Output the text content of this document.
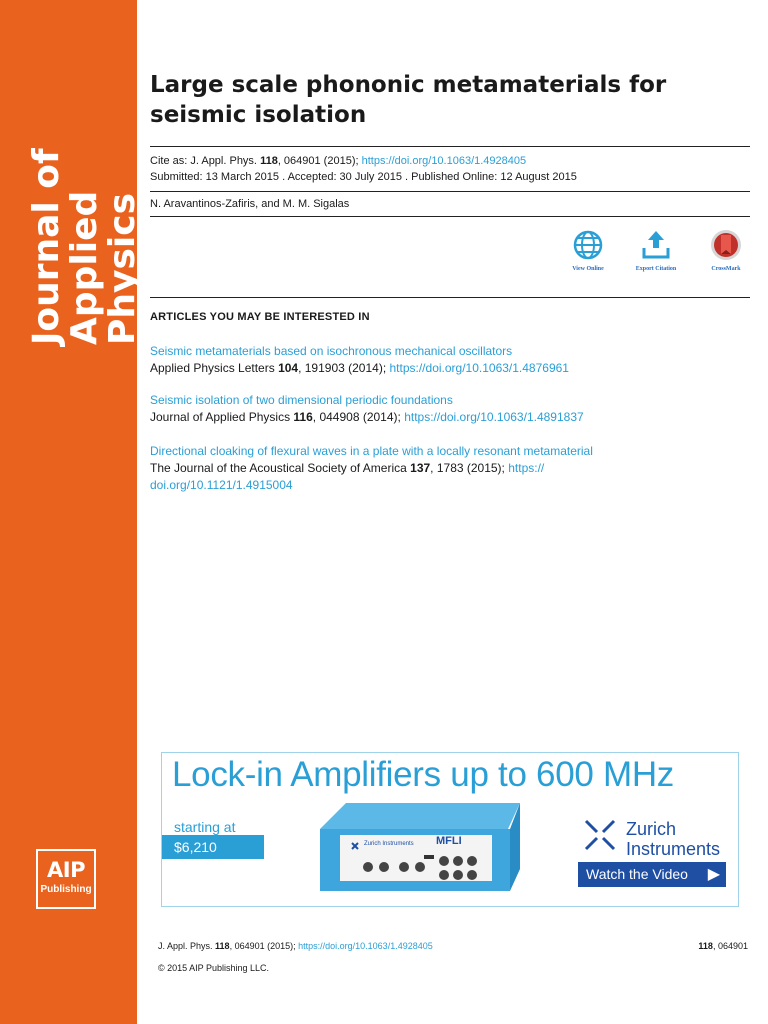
Journal of
Applied Physics
AIP
Publishing
Large scale phononic metamaterials for seismic isolation
Cite as: J. Appl. Phys. 118, 064901 (2015); https://doi.org/10.1063/1.4928405
Submitted: 13 March 2015 . Accepted: 30 July 2015 . Published Online: 12 August 2015
N. Aravantinos-Zafiris, and M. M. Sigalas
View Online	Export Citation	CrossMark
ARTICLES YOU MAY BE INTERESTED IN
Seismic metamaterials based on isochronous mechanical oscillators
Applied Physics Letters 104, 191903 (2014); https://doi.org/10.1063/1.4876961
Seismic isolation of two dimensional periodic foundations
Journal of Applied Physics 116, 044908 (2014); https://doi.org/10.1063/1.4891837
Directional cloaking of flexural waves in a plate with a locally resonant metamaterial
The Journal of the Acoustical Society of America 137, 1783 (2015); https://
doi.org/10.1121/1.4915004
Lock-in Amplifiers up to 600 MHz
starting at
$6,210	Zurich Instruments MFLI
Zurich
Instruments
Watch the Video ▶
J. Appl. Phys. 118, 064901 (2015); https://doi.org/10.1063/1.4928405
© 2015 AIP Publishing LLC.
118, 064901
